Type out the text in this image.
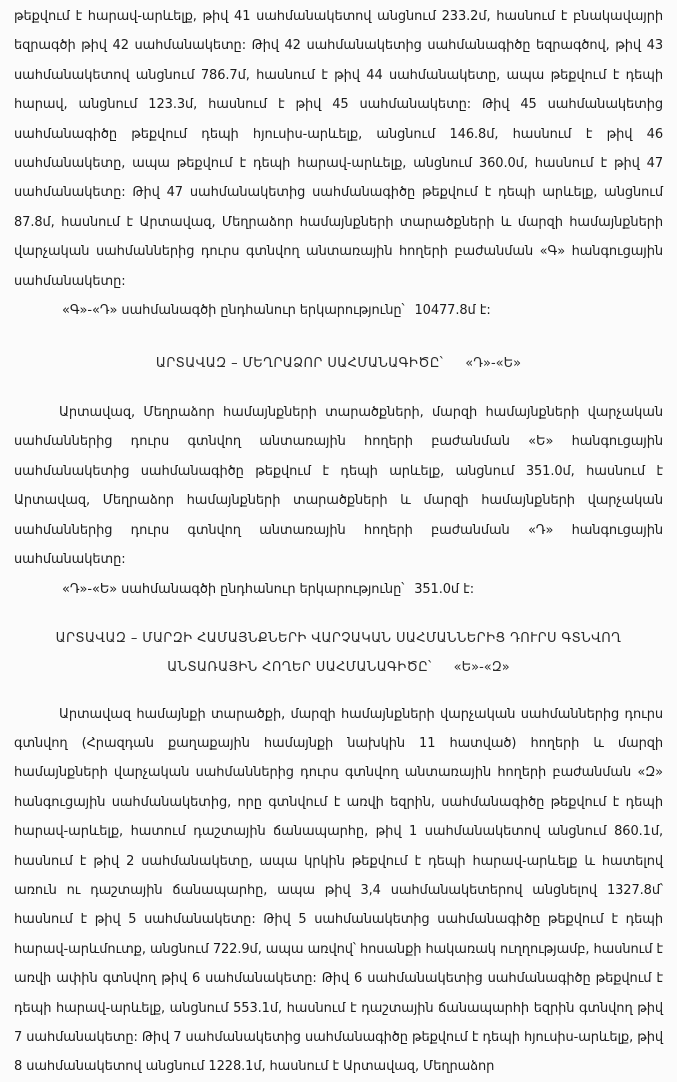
թեքվում է հարավ-արևելք, թիվ 41 սահմանակետով անցնում 233.2մ, հասնում է բնակավայրի եզրագծի թիվ 42 սահմանակետը: Թիվ 42 սահմանակետից սահմանագիծը եզրագծով, թիվ 43 սահմանակետով անցնում 786.7մ, հասնում է թիվ 44 սահմանակետը, ապա թեքվում է դեպի հարավ, անցնում 123.3մ, հասնում է թիվ 45 սահմանակետը: Թիվ 45 սահմանակետից սահմանագիծը թեքվում դեպի հյուսիս-արևելք, անցնում 146.8մ, հասնում է թիվ 46 սահմանակետը, ապա թեքվում է դեպի հարավ-արևելք, անցնում 360.0մ, հասնում է թիվ 47 սահմանակետը: Թիվ 47 սահմանակետից սահմանագիծը թեքվում է դեպի արևելք, անցնում 87.8մ, հասնում է Արտավազ, Մեղրաձոր համայնքների տարածքների և մարզի համայնքների վարչական սահմաններից դուրս գտնվող անտառային հողերի բաժանման «Գ» հանգուցային սահմանակետը:

«Գ»-«Դ» սահմանագծի ընդհանուր երկարությունը՝ 10477.8մ է:

ԱՐՏԱՎԱԶ – ՄԵՂՐԱՁՈՐ ՍԱՀՄԱՆԱԳԻԾԸ՝ «Դ»-«Ե»

Արտավազ, Մեղրաձոր համայնքների տարածքների, մարզի համայնքների վարչական սահմաններից դուրս գտնվող անտառային հողերի բաժանման «Ե» հանգուցային սահմանակետից սահմանագիծը թեքվում է դեպի արևելք, անցնում 351.0մ, հասնում է Արտավազ, Մեղրաձոր համայնքների տարածքների և մարզի համայնքների վարչական սահմաններից դուրս գտնվող անտառային հողերի բաժանման «Դ» հանգուցային սահմանակետը:

«Դ»-«Ե» սահմանագծի ընդհանուր երկարությունը՝ 351.0մ է:

ԱՐՏԱՎԱԶ – ՄԱՐԶԻ ՀԱՄԱՅՆՔՆԵՐԻ ՎԱՐՉԱԿԱՆ ՍԱՀՄԱՆՆԵՐԻՑ ԴՈՒՐՍ ԳՏՆՎՈՂ

ԱՆՏԱՌԱՅԻՆ ՀՈՂԵՐ ՍԱՀՄԱՆԱԳԻԾԸ՝ «Ե»-«Զ»

Արտավազ համայնքի տարածքի, մարզի համայնքների վարչական սահմաններից դուրս գտնվող (Հրազդան քաղաքային համայնքի նախկին 11 հատված) հողերի և մարզի համայնքների վարչական սահմաններից դուրս գտնվող անտառային հողերի բաժանման «Զ» հանգուցային սահմանակետից, որը գտնվում է առվի եզրին, սահմանագիծը թեքվում է դեպի հարավ-արևելք, հատում դաշտային ճանապարհը, թիվ 1 սահմանակետով անցնում 860.1մ, հասնում է թիվ 2 սահմանակետը, ապա կրկին թեքվում է դեպի հարավ-արևելք և հատելով առուն ու դաշտային ճանապարհը, ապա թիվ 3,4 սահմանակետերով անցնելով 1327.8մ՝ հասնում է թիվ 5 սահմանակետը: Թիվ 5 սահմանակետից սահմանագիծը թեքվում է դեպի հարավ-արևմուտք, անցնում 722.9մ, ապա առվով՝ հոսանքի հակառակ ուղղությամբ, հասնում է առվի ափին գտնվող թիվ 6 սահմանակետը: Թիվ 6 սահմանակետից սահմանագիծը թեքվում է դեպի հարավ-արևելք, անցնում 553.1մ, հասնում է դաշտային ճանապարհի եզրին գտնվող թիվ 7 սահմանակետը: Թիվ 7 սահմանակետից սահմանագիծը թեքվում է դեպի հյուսիս-արևելք, թիվ 8 սահմանակետով անցնում 1228.1մ, հասնում է Արտավազ, Մեղրաձոր
